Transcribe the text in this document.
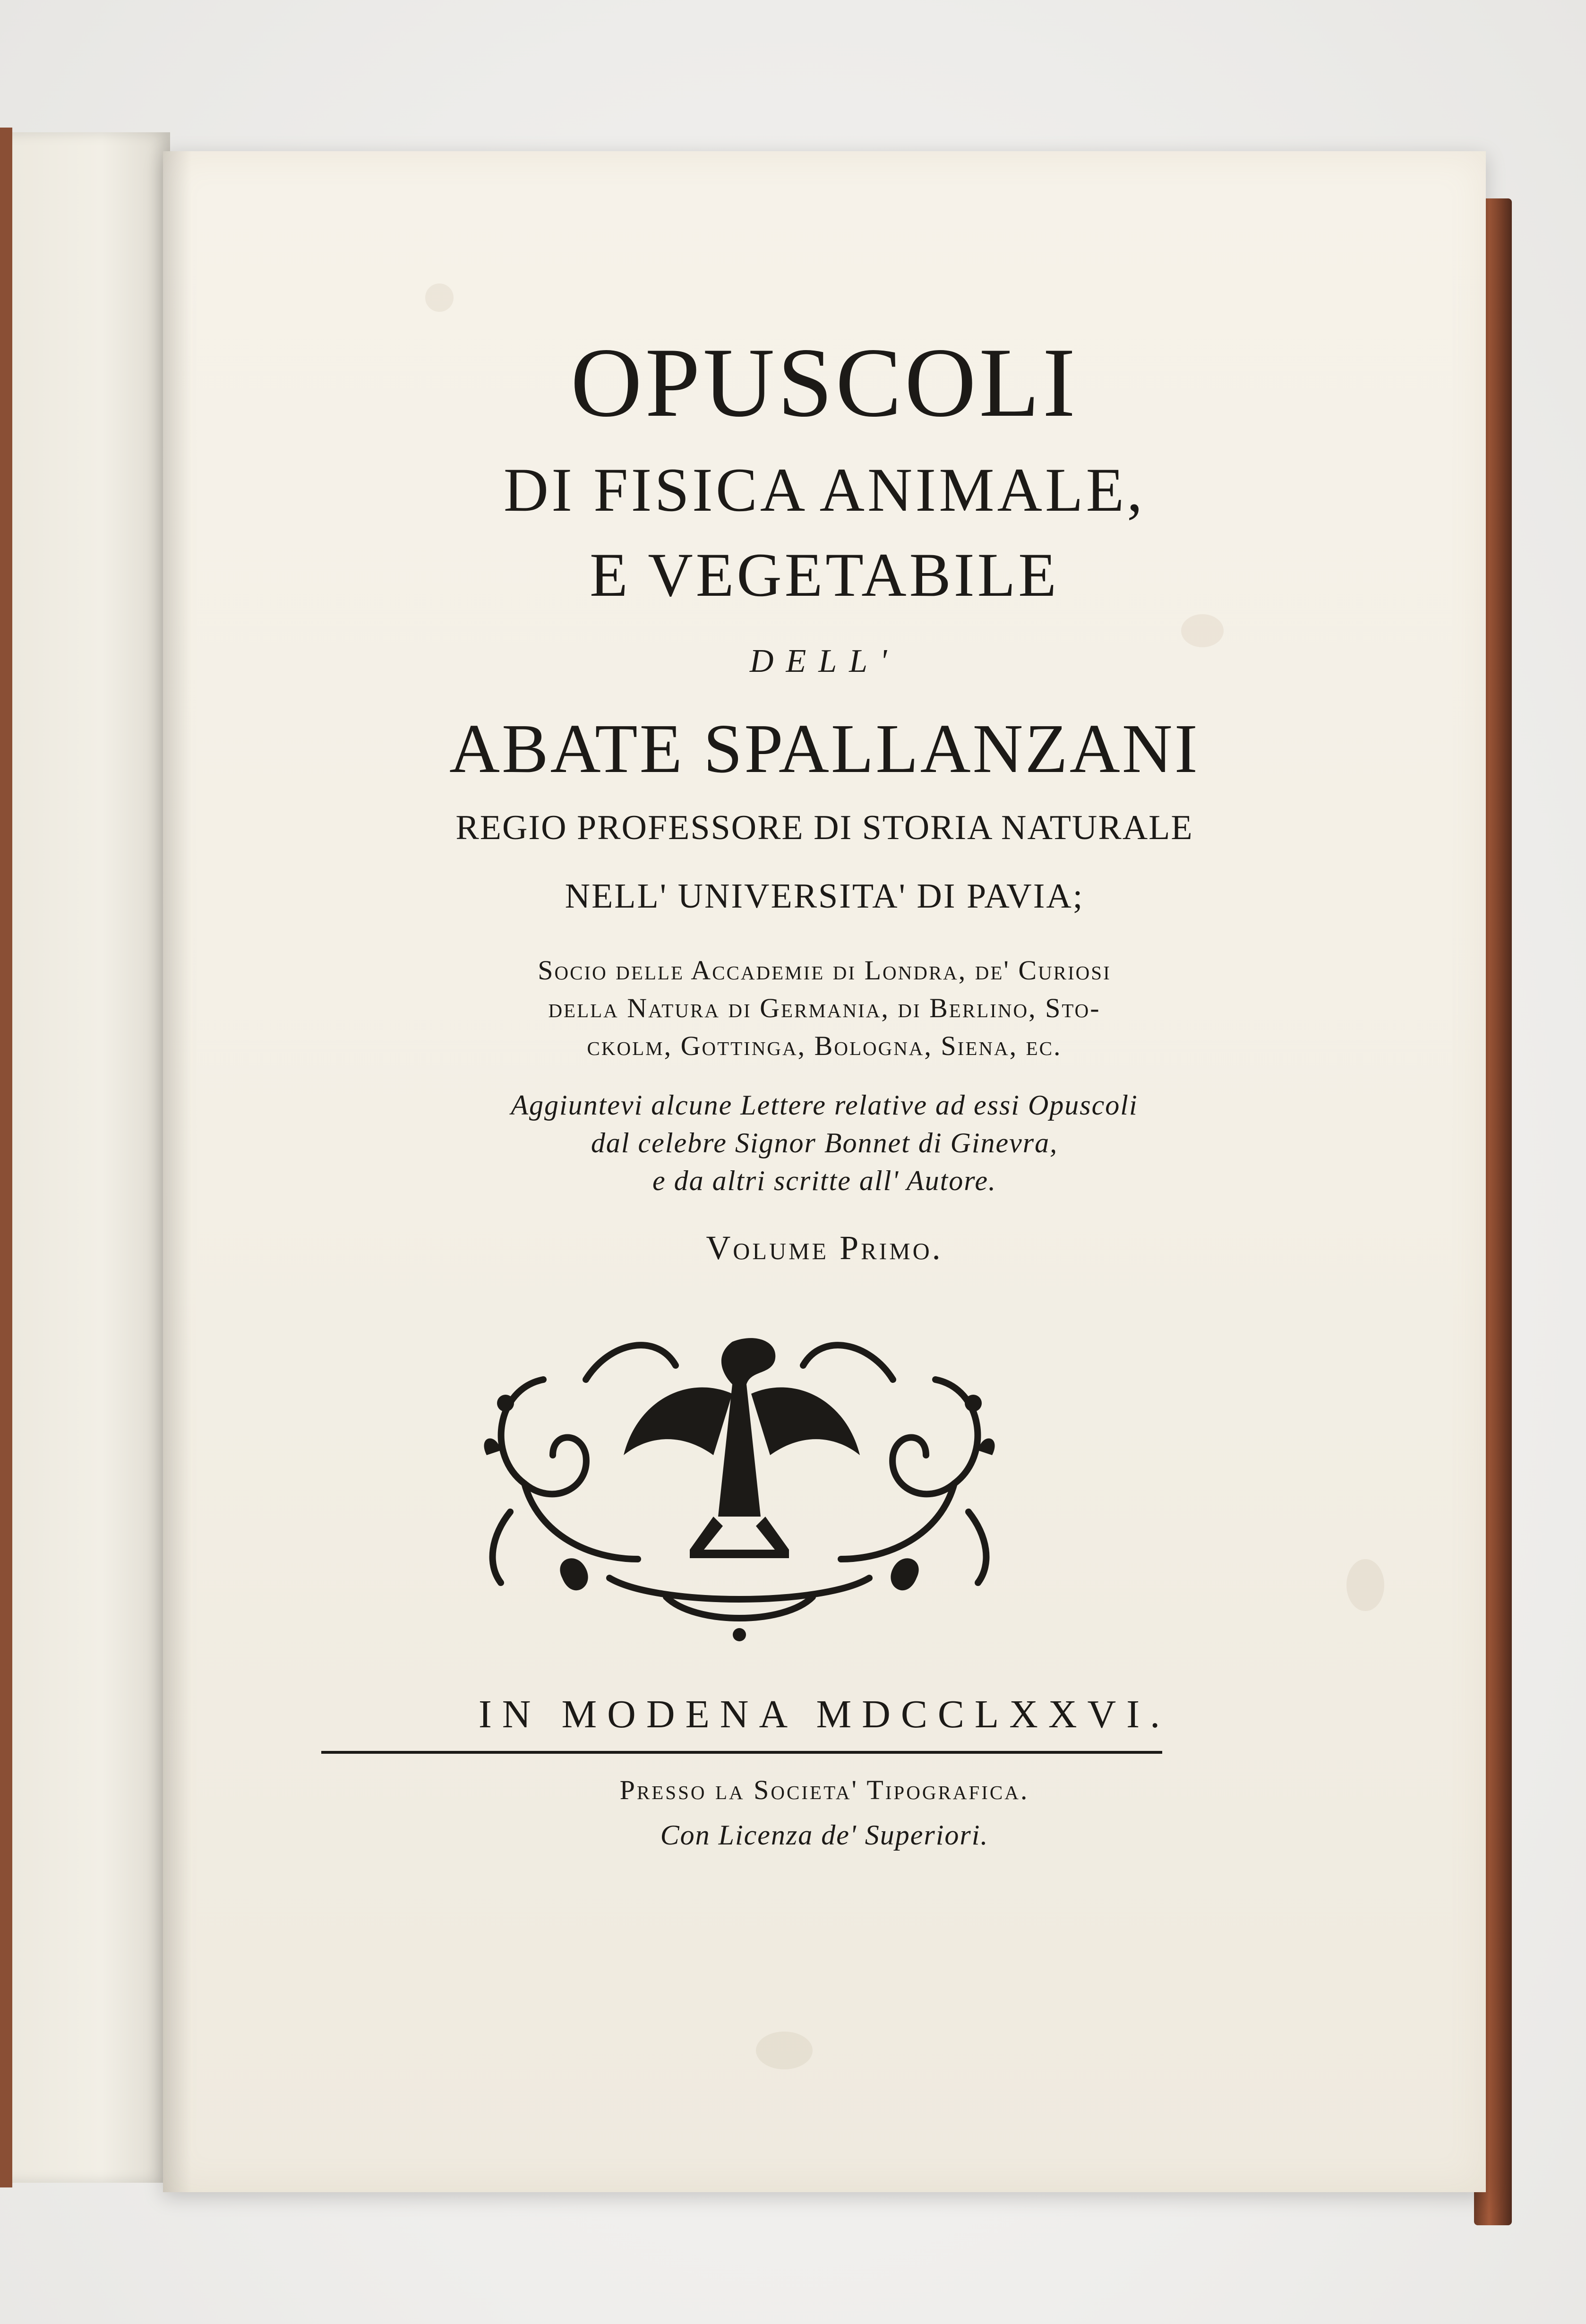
OPUSCOLI
DI FISICA ANIMALE,
E VEGETABILE
DELL'
ABATE SPALLANZANI
REGIO PROFESSORE DI STORIA NATURALE
NELL' UNIVERSITA' DI PAVIA;
Socio delle Accademie di Londra, de' Curiosi
della Natura di Germania, di Berlino, Sto-
ckolm, Gottinga, Bologna, Siena, ec.
Aggiuntevi alcune Lettere relative ad essi Opuscoli
dal celebre Signor Bonnet di Ginevra,
e da altri scritte all' Autore.
Volume Primo.
IN MODENA MDCCLXXVI.
Presso la Societa' Tipografica.
Con Licenza de' Superiori.
